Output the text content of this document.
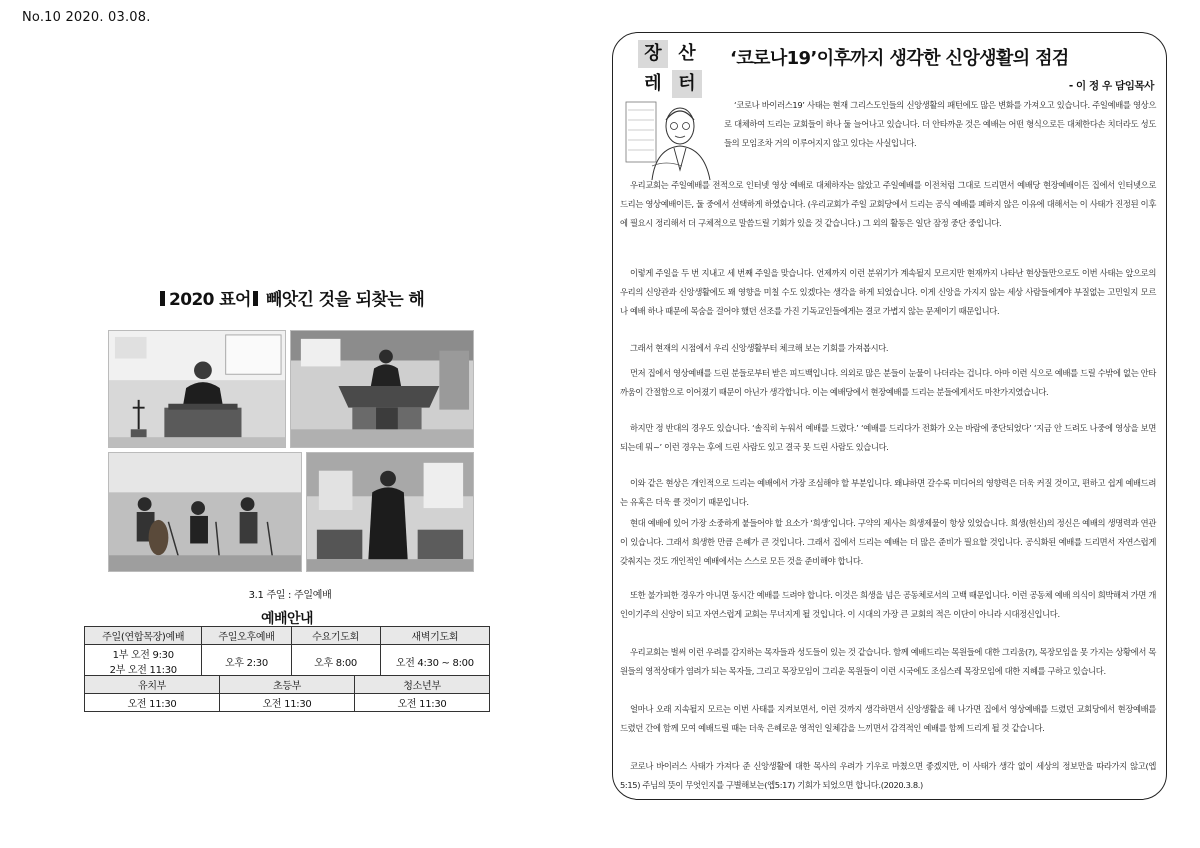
No.10 2020. 03.08.
2020 표어 빼앗긴 것을 되찾는 해
3.1 주일 : 주일예배
예배안내
주일(연합목장)예배	주일오후예배	수요기도회	새벽기도회

1부 오전 9:30
2부 오전 11:30	오후 2:30	오후 8:00	오전 4:30 ~ 8:00
유치부	초등부	청소년부
오전 11:30	오전 11:30	오전 11:30
장 산
레 터
‘코로나19’이후까지 생각한 신앙생활의 점검
- 이 정 우 담임목사
‘코로나 바이러스19’ 사태는 현재 그리스도인들의 신앙생활의 패턴에도 많은 변화를 가져오고 있습니다. 주일예배를 영상으로 대체하여 드리는 교회들이 하나 둘 늘어나고 있습니다. 더 안타까운 것은 예배는 어떤 형식으로든 대체한다손 치더라도 성도들의 모임조차 거의 이루어지지 않고 있다는 사실입니다.
우리교회는 주일예배를 전적으로 인터넷 영상 예배로 대체하자는 않았고 주일예배를 이전처럼 그대로 드리면서 예배당 현장예배이든 집에서 인터넷으로 드리는 영상예배이든, 둘 중에서 선택하게 하였습니다. (우리교회가 주일 교회당에서 드리는 공식 예배를 폐하지 않은 이유에 대해서는 이 사태가 진정된 이후에 필요시 정리해서 더 구체적으로 말씀드릴 기회가 있을 것 같습니다.) 그 외의 활동은 일단 잠정 중단 중입니다.
이렇게 주일을 두 번 지내고 세 번째 주일을 맞습니다. 언제까지 이런 분위기가 계속될지 모르지만 현재까지 나타난 현상들만으로도 이번 사태는 앞으로의 우리의 신앙관과 신앙생활에도 꽤 영향을 미칠 수도 있겠다는 생각을 하게 되었습니다. 이게 신앙을 가지지 않는 세상 사람들에게야 부질없는 고민일지 모르나 예배 하나 때문에 목숨을 걸어야 했던 선조를 가진 기독교인들에게는 결코 가볍지 않는 문제이기 때문입니다.
그래서 현재의 시점에서 우리 신앙생활부터 체크해 보는 기회를 가져봅시다.
먼저 집에서 영상예배를 드린 분들로부터 받은 피드백입니다. 의외로 많은 분들이 눈물이 나더라는 겁니다. 아마 이런 식으로 예배를 드릴 수밖에 없는 안타까움이 간절함으로 이어졌기 때문이 아닌가 생각합니다. 이는 예배당에서 현장예배를 드리는 분들에게서도 마찬가지였습니다.
하지만 정 반대의 경우도 있습니다. ‘솔직히 누워서 예배를 드렸다.’ ‘예배를 드리다가 전화가 오는 바람에 중단되었다’ ‘지금 안 드려도 나중에 영상을 보면 되는데 뭐~’ 이런 경우는 후에 드린 사람도 있고 결국 못 드린 사람도 있습니다.
이와 같은 현상은 개인적으로 드리는 예배에서 가장 조심해야 할 부분입니다. 왜냐하면 갈수록 미디어의 영향력은 더욱 커질 것이고, 편하고 쉽게 예배드려는 유혹은 더욱 클 것이기 때문입니다.
현대 예배에 있어 가장 소중하게 붙들어야 할 요소가 ‘희생’입니다. 구약의 제사는 희생제물이 항상 있었습니다. 희생(헌신)의 정신은 예배의 생명력과 연관이 있습니다. 그래서 희생한 만큼 은혜가 큰 것입니다. 그래서 집에서 드리는 예배는 더 많은 준비가 필요할 것입니다. 공식화된 예배를 드리면서 자연스럽게 갖춰지는 것도 개인적인 예배에서는 스스로 모든 것을 준비해야 합니다.
또한 불가피한 경우가 아니면 동시간 예배를 드려야 합니다. 이것은 희생을 넘은 공동체로서의 고백 때문입니다. 이런 공동체 예배 의식이 희박해져 가면 개인이기주의 신앙이 되고 자연스럽게 교회는 무너지게 될 것입니다. 이 시대의 가장 큰 교회의 적은 이단이 아니라 시대정신입니다.
우리교회는 벌써 이런 우려를 감지하는 목자들과 성도들이 있는 것 같습니다. 함께 예배드리는 목원들에 대한 그리움(?), 목장모임을 못 가지는 상황에서 목원들의 영적상태가 염려가 되는 목자들, 그리고 목장모임이 그리운 목원들이 이런 시국에도 조심스레 목장모임에 대한 지혜를 구하고 있습니다.
얼마나 오래 지속될지 모르는 이번 사태를 지켜보면서, 이런 것까지 생각하면서 신앙생활을 해 나가면 집에서 영상예배를 드렸던 교회당에서 현장예배를 드렸던 간에 함께 모여 예배드릴 때는 더욱 은혜로운 영적인 일체감을 느끼면서 감격적인 예배를 함께 드리게 될 것 같습니다.
코로나 바이러스 사태가 가져다 준 신앙생활에 대한 목사의 우려가 기우로 마쳤으면 좋겠지만, 이 사태가 생각 없이 세상의 정보만을 따라가지 않고(엡5:15) 주님의 뜻이 무엇인지를 구별해보는(엡5:17) 기회가 되었으면 합니다.(2020.3.8.)
